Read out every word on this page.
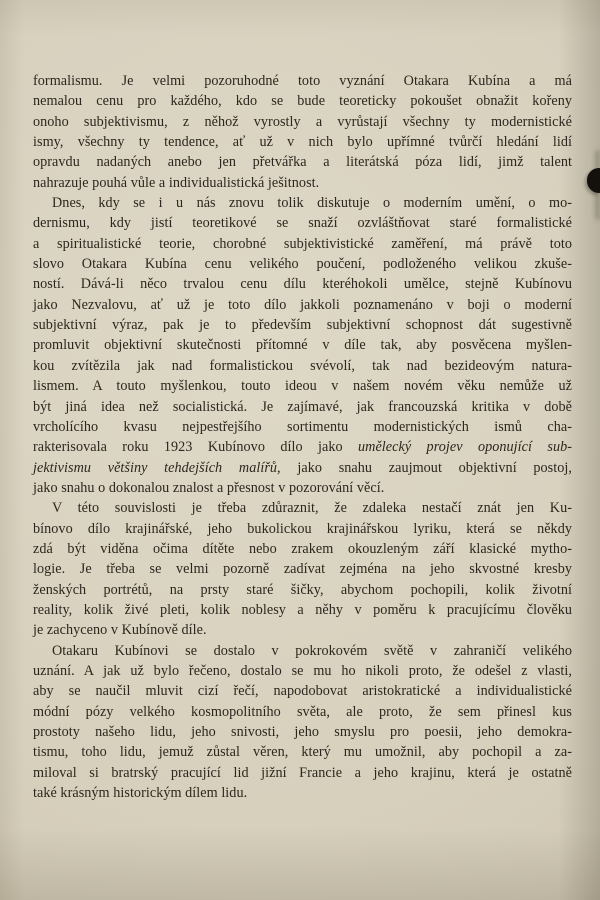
formalismu. Je velmi pozoruhodné toto vyznání Otakara Kubína a má
nemalou cenu pro každého, kdo se bude teoreticky pokoušet obnažit kořeny
onoho subjektivismu, z něhož vyrostly a vyrůstají všechny ty modernistické
ismy, všechny ty tendence, ať už v nich bylo upřímné tvůrčí hledání lidí
opravdu nadaných anebo jen přetvářka a literátská póza lidí, jimž talent
nahrazuje pouhá vůle a individualistická ješitnost.

Dnes, kdy se i u nás znovu tolik diskutuje o moderním umění, o mo-
dernismu, kdy jistí teoretikové se snaží ozvláštňovat staré formalistické
a spiritualistické teorie, chorobné subjektivistické zaměření, má právě toto
slovo Otakara Kubína cenu velikého poučení, podloženého velikou zkuše-
ností. Dává-li něco trvalou cenu dílu kteréhokoli umělce, stejně Kubínovu
jako Nezvalovu, ať už je toto dílo jakkoli poznamenáno v boji o moderní
subjektivní výraz, pak je to především subjektivní schopnost dát sugestivně
promluvit objektivní skutečnosti přítomné v díle tak, aby posvěcena myšlen-
kou zvítězila jak nad formalistickou svévolí, tak nad bezideovým natura-
lismem. A touto myšlenkou, touto ideou v našem novém věku nemůže už
být jiná idea než socialistická. Je zajímavé, jak francouzská kritika v době
vrcholícího kvasu nejpestřejšího sortimentu modernistických ismů cha-
rakterisovala roku 1923 Kubínovo dílo jako umělecký projev oponující sub-
jektivismu většiny tehdejších malířů, jako snahu zaujmout objektivní postoj,
jako snahu o dokonalou znalost a přesnost v pozorování věcí.

V této souvislosti je třeba zdůraznit, že zdaleka nestačí znát jen Ku-
bínovo dílo krajinářské, jeho bukolickou krajinářskou lyriku, která se někdy
zdá být viděna očima dítěte nebo zrakem okouzleným září klasické mytho-
logie. Je třeba se velmi pozorně zadívat zejména na jeho skvostné kresby
ženských portrétů, na prsty staré šičky, abychom pochopili, kolik životní
reality, kolik živé pleti, kolik noblesy a něhy v poměru k pracujícímu člověku
je zachyceno v Kubínově díle.

Otakaru Kubínovi se dostalo v pokrokovém světě v zahraničí velikého
uznání. A jak už bylo řečeno, dostalo se mu ho nikoli proto, že odešel z vlasti,
aby se naučil mluvit cizí řečí, napodobovat aristokratické a individualistické
módní pózy velkého kosmopolitního světa, ale proto, že sem přinesl kus
prostoty našeho lidu, jeho snivosti, jeho smyslu pro poesii, jeho demokra-
tismu, toho lidu, jemuž zůstal věren, který mu umožnil, aby pochopil a za-
miloval si bratrský pracující lid jižní Francie a jeho krajinu, která je ostatně
také krásným historickým dílem lidu.
